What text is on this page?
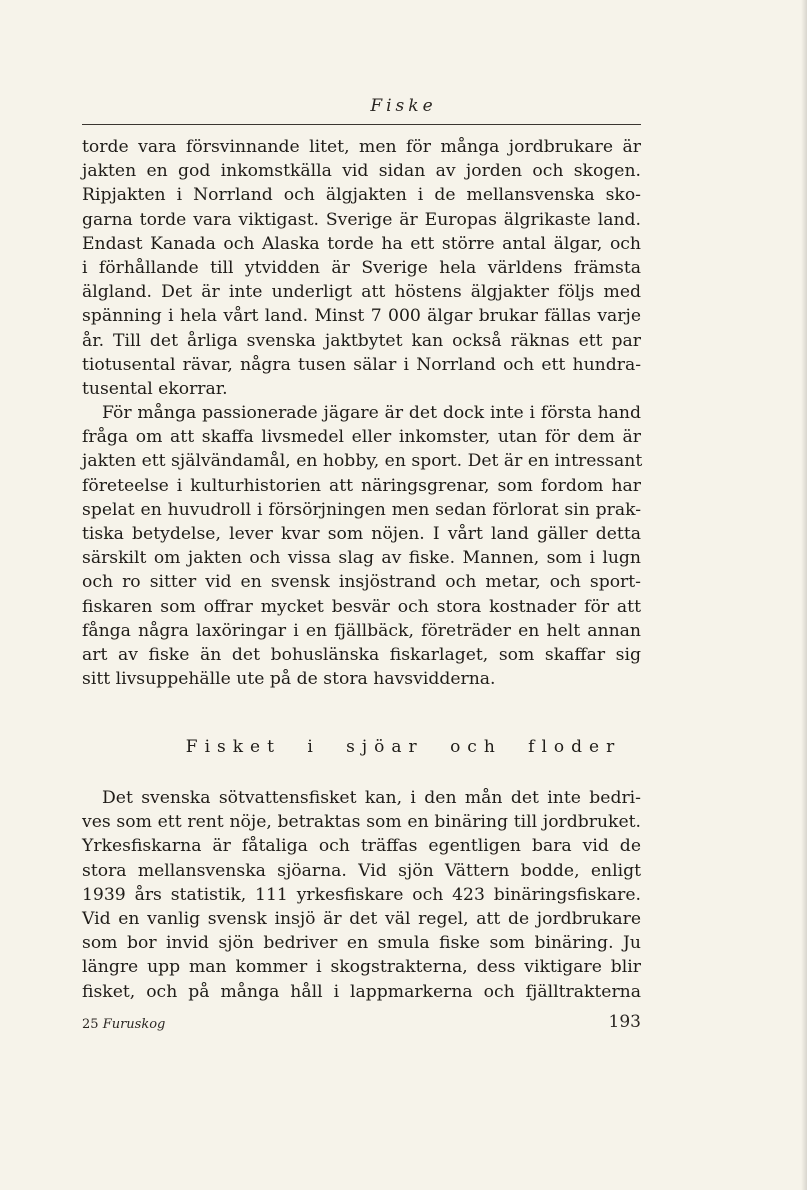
Fiske
torde vara försvinnande litet, men för många jordbrukare är
jakten en god inkomstkälla vid sidan av jorden och skogen.
Ripjakten i Norrland och älgjakten i de mellansvenska sko-
garna torde vara viktigast. Sverige är Europas älgrikaste land.
Endast Kanada och Alaska torde ha ett större antal älgar, och
i förhållande till ytvidden är Sverige hela världens främsta
älgland. Det är inte underligt att höstens älgjakter följs med
spänning i hela vårt land. Minst 7 000 älgar brukar fällas varje
år. Till det årliga svenska jaktbytet kan också räknas ett par
tiotusental rävar, några tusen sälar i Norrland och ett hundra-
tusental ekorrar.
För många passionerade jägare är det dock inte i första hand
fråga om att skaffa livsmedel eller inkomster, utan för dem är
jakten ett självändamål, en hobby, en sport. Det är en intressant
företeelse i kulturhistorien att näringsgrenar, som fordom har
spelat en huvudroll i försörjningen men sedan förlorat sin prak-
tiska betydelse, lever kvar som nöjen. I vårt land gäller detta
särskilt om jakten och vissa slag av fiske. Mannen, som i lugn
och ro sitter vid en svensk insjöstrand och metar, och sport-
fiskaren som offrar mycket besvär och stora kostnader för att
fånga några laxöringar i en fjällbäck, företräder en helt annan
art av fiske än det bohuslänska fiskarlaget, som skaffar sig
sitt livsuppehälle ute på de stora havsvidderna.
Fisket i sjöar och floder
Det svenska sötvattensfisket kan, i den mån det inte bedri-
ves som ett rent nöje, betraktas som en binäring till jordbruket.
Yrkesfiskarna är fåtaliga och träffas egentligen bara vid de
stora mellansvenska sjöarna. Vid sjön Vättern bodde, enligt
1939 års statistik, 111 yrkesfiskare och 423 binäringsfiskare.
Vid en vanlig svensk insjö är det väl regel, att de jordbrukare
som bor invid sjön bedriver en smula fiske som binäring. Ju
längre upp man kommer i skogstrakterna, dess viktigare blir
fisket, och på många håll i lappmarkerna och fjälltrakterna
25 Furuskog	193
